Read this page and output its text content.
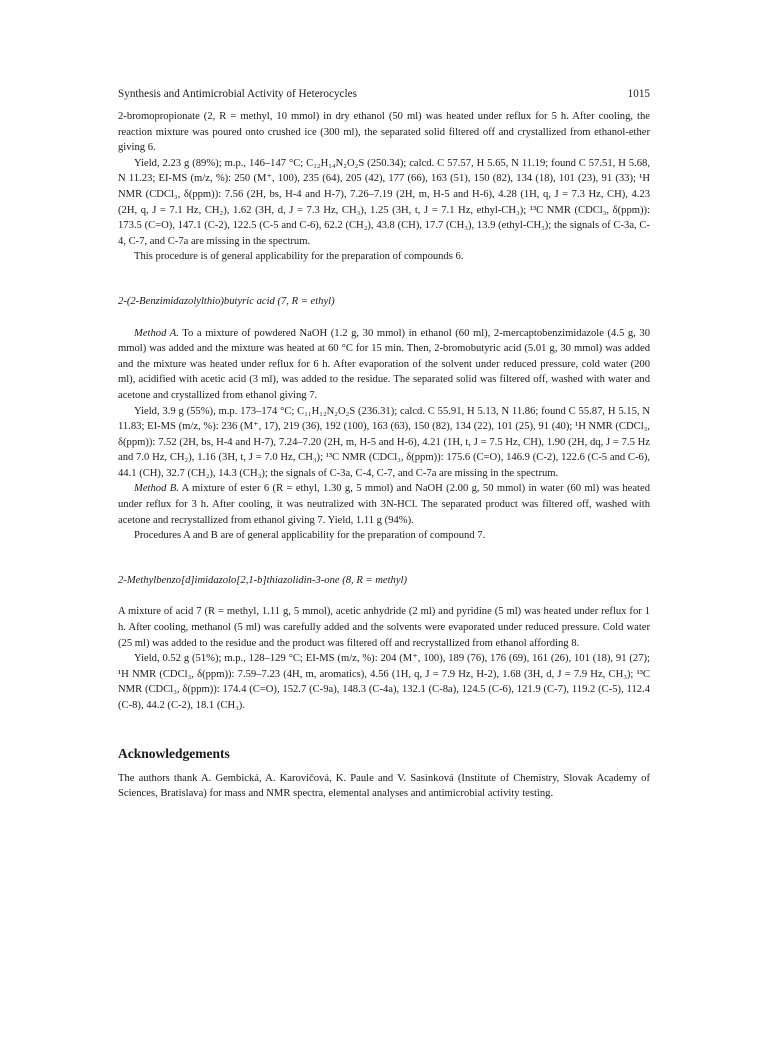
Synthesis and Antimicrobial Activity of Heterocycles	1015

2-bromopropionate (2, R = methyl, 10 mmol) in dry ethanol (50 ml) was heated under reflux for 5 h. After cooling, the reaction mixture was poured onto crushed ice (300 ml), the separated solid filtered off and crystallized from ethanol-ether giving 6.

Yield, 2.23 g (89%); m.p., 146–147 °C; C₁₂H₁₄N₂O₂S (250.34); calcd. C 57.57, H 5.65, N 11.19; found C 57.51, H 5.68, N 11.23; EI-MS (m/z, %): 250 (M⁺, 100), 235 (64), 205 (42), 177 (66), 163 (51), 150 (82), 134 (18), 101 (23), 91 (33); ¹H NMR (CDCl₃, δ(ppm)): 7.56 (2H, bs, H-4 and H-7), 7.26–7.19 (2H, m, H-5 and H-6), 4.28 (1H, q, J = 7.3 Hz, CH), 4.23 (2H, q, J = 7.1 Hz, CH₂), 1.62 (3H, d, J = 7.3 Hz, CH₃), 1.25 (3H, t, J = 7.1 Hz, ethyl-CH₃); ¹³C NMR (CDCl₃, δ(ppm)): 173.5 (C=O), 147.1 (C-2), 122.5 (C-5 and C-6), 62.2 (CH₂), 43.8 (CH), 17.7 (CH₃), 13.9 (ethyl-CH₃); the signals of C-3a, C-4, C-7, and C-7a are missing in the spectrum.

This procedure is of general applicability for the preparation of compounds 6.

2-(2-Benzimidazolylthio)butyric acid (7, R = ethyl)

Method A. To a mixture of powdered NaOH (1.2 g, 30 mmol) in ethanol (60 ml), 2-mercaptobenzimidazole (4.5 g, 30 mmol) was added and the mixture was heated at 60 °C for 15 min. Then, 2-bromobutyric acid (5.01 g, 30 mmol) was added and the mixture was heated under reflux for 6 h. After evaporation of the solvent under reduced pressure, cold water (200 ml), acidified with acetic acid (3 ml), was added to the residue. The separated solid was filtered off, washed with water and acetone and crystallized from ethanol giving 7.

Yield, 3.9 g (55%), m.p. 173–174 °C; C₁₁H₁₂N₂O₂S (236.31); calcd. C 55.91, H 5.13, N 11.86; found C 55.87, H 5.15, N 11.83; EI-MS (m/z, %): 236 (M⁺, 17), 219 (36), 192 (100), 163 (63), 150 (82), 134 (22), 101 (25), 91 (40); ¹H NMR (CDCl₃, δ(ppm)): 7.52 (2H, bs, H-4 and H-7), 7.24–7.20 (2H, m, H-5 and H-6), 4.21 (1H, t, J = 7.5 Hz, CH), 1.90 (2H, dq, J = 7.5 Hz and 7.0 Hz, CH₂), 1.16 (3H, t, J = 7.0 Hz, CH₃); ¹³C NMR (CDCl₃, δ(ppm)): 175.6 (C=O), 146.9 (C-2), 122.6 (C-5 and C-6), 44.1 (CH), 32.7 (CH₂), 14.3 (CH₃); the signals of C-3a, C-4, C-7, and C-7a are missing in the spectrum.

Method B. A mixture of ester 6 (R = ethyl, 1.30 g, 5 mmol) and NaOH (2.00 g, 50 mmol) in water (60 ml) was heated under reflux for 3 h. After cooling, it was neutralized with 3N-HCl. The separated product was filtered off, washed with acetone and recrystallized from ethanol giving 7. Yield, 1.11 g (94%).

Procedures A and B are of general applicability for the preparation of compound 7.

2-Methylbenzo[d]imidazolo[2,1-b]thiazolidin-3-one (8, R = methyl)

A mixture of acid 7 (R = methyl, 1.11 g, 5 mmol), acetic anhydride (2 ml) and pyridine (5 ml) was heated under reflux for 1 h. After cooling, methanol (5 ml) was carefully added and the solvents were evaporated under reduced pressure. Cold water (25 ml) was added to the residue and the product was filtered off and recrystallized from ethanol affording 8.

Yield, 0.52 g (51%); m.p., 128–129 °C; EI-MS (m/z, %): 204 (M⁺, 100), 189 (76), 176 (69), 161 (26), 101 (18), 91 (27); ¹H NMR (CDCl₃, δ(ppm)): 7.59–7.23 (4H, m, aromatics), 4.56 (1H, q, J = 7.9 Hz, H-2), 1.68 (3H, d, J = 7.9 Hz, CH₃); ¹³C NMR (CDCl₃, δ(ppm)): 174.4 (C=O), 152.7 (C-9a), 148.3 (C-4a), 132.1 (C-8a), 124.5 (C-6), 121.9 (C-7), 119.2 (C-5), 112.4 (C-8), 44.2 (C-2), 18.1 (CH₃).

Acknowledgements

The authors thank A. Gembická, A. Karovičová, K. Paule and V. Sasinková (Institute of Chemistry, Slovak Academy of Sciences, Bratislava) for mass and NMR spectra, elemental analyses and antimicrobial activity testing.
